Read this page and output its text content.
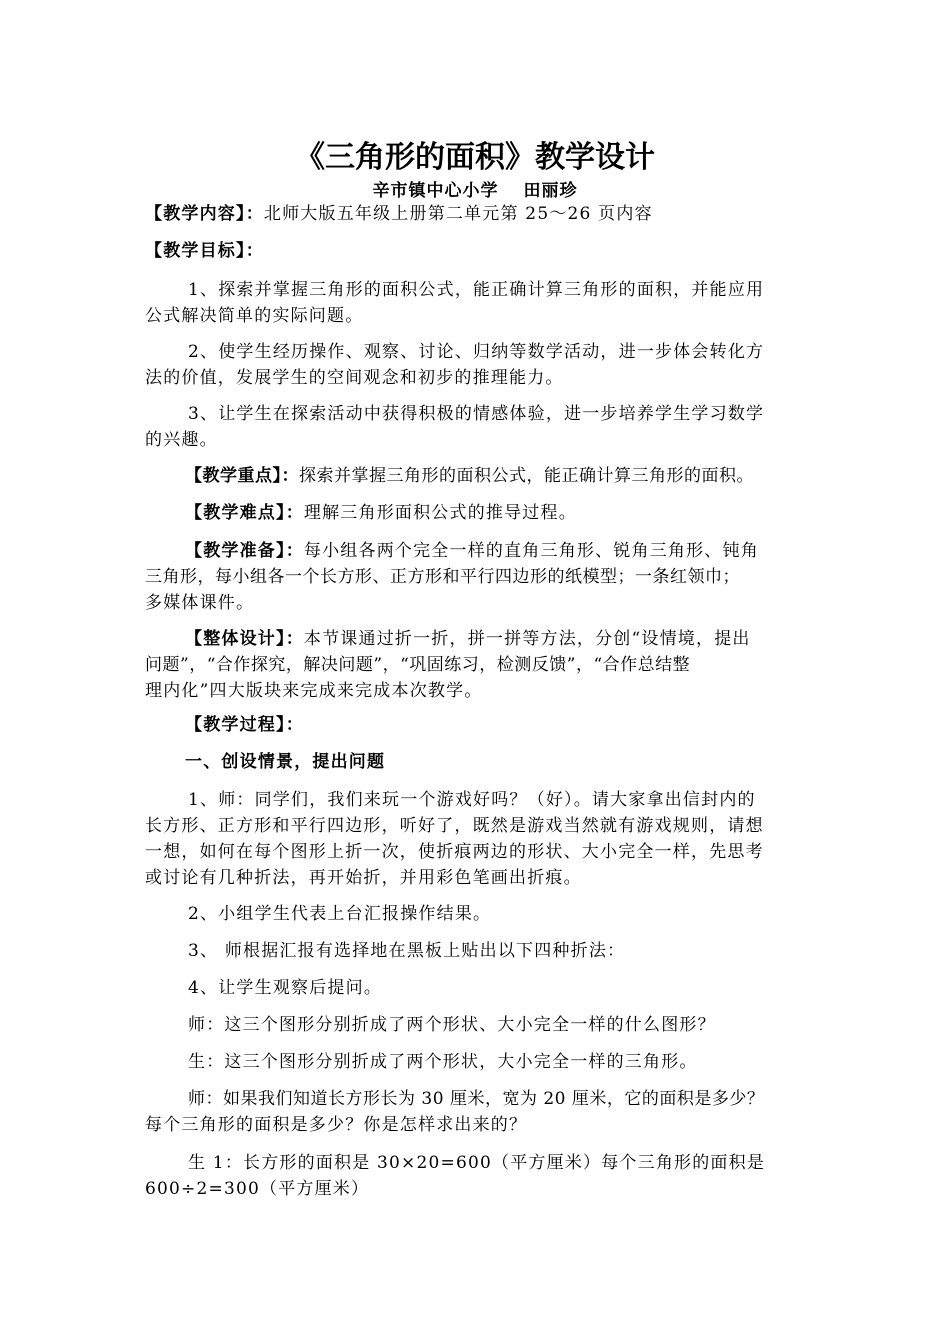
《三角形的面积》教学设计
辛市镇中心小学　 田丽珍
【教学内容】：北师大版五年级上册第二单元第 25～26 页内容
【教学目标】：
1、探索并掌握三角形的面积公式，能正确计算三角形的面积，并能应用
公式解决简单的实际问题。
2、使学生经历操作、观察、讨论、归纳等数学活动，进一步体会转化方
法的价值，发展学生的空间观念和初步的推理能力。
3、让学生在探索活动中获得积极的情感体验，进一步培养学生学习数学
的兴趣。
【教学重点】：探索并掌握三角形的面积公式，能正确计算三角形的面积。
【教学难点】：理解三角形面积公式的推导过程。
【教学准备】：每小组各两个完全一样的直角三角形、锐角三角形、钝角
三角形，每小组各一个长方形、正方形和平行四边形的纸模型；一条红领巾；
多媒体课件。
【整体设计】：本节课通过折一折，拼一拼等方法，分创“设情境，提出
问题”，“合作探究，解决问题”，“巩固练习，检测反馈”，“合作总结整
理内化”四大版块来完成来完成本次教学。
【教学过程】：
一、创设情景，提出问题
1、师：同学们，我们来玩一个游戏好吗？（好）。请大家拿出信封内的
长方形、正方形和平行四边形，听好了，既然是游戏当然就有游戏规则，请想
一想，如何在每个图形上折一次，使折痕两边的形状、大小完全一样，先思考
或讨论有几种折法，再开始折，并用彩色笔画出折痕。
2、小组学生代表上台汇报操作结果。
3、 师根据汇报有选择地在黑板上贴出以下四种折法：
4、让学生观察后提问。
师：这三个图形分别折成了两个形状、大小完全一样的什么图形？
生：这三个图形分别折成了两个形状，大小完全一样的三角形。
师：如果我们知道长方形长为 30 厘米，宽为 20 厘米，它的面积是多少？
每个三角形的面积是多少？你是怎样求出来的？
生 1：长方形的面积是 30×20=600（平方厘米）每个三角形的面积是
600÷2=300（平方厘米）
